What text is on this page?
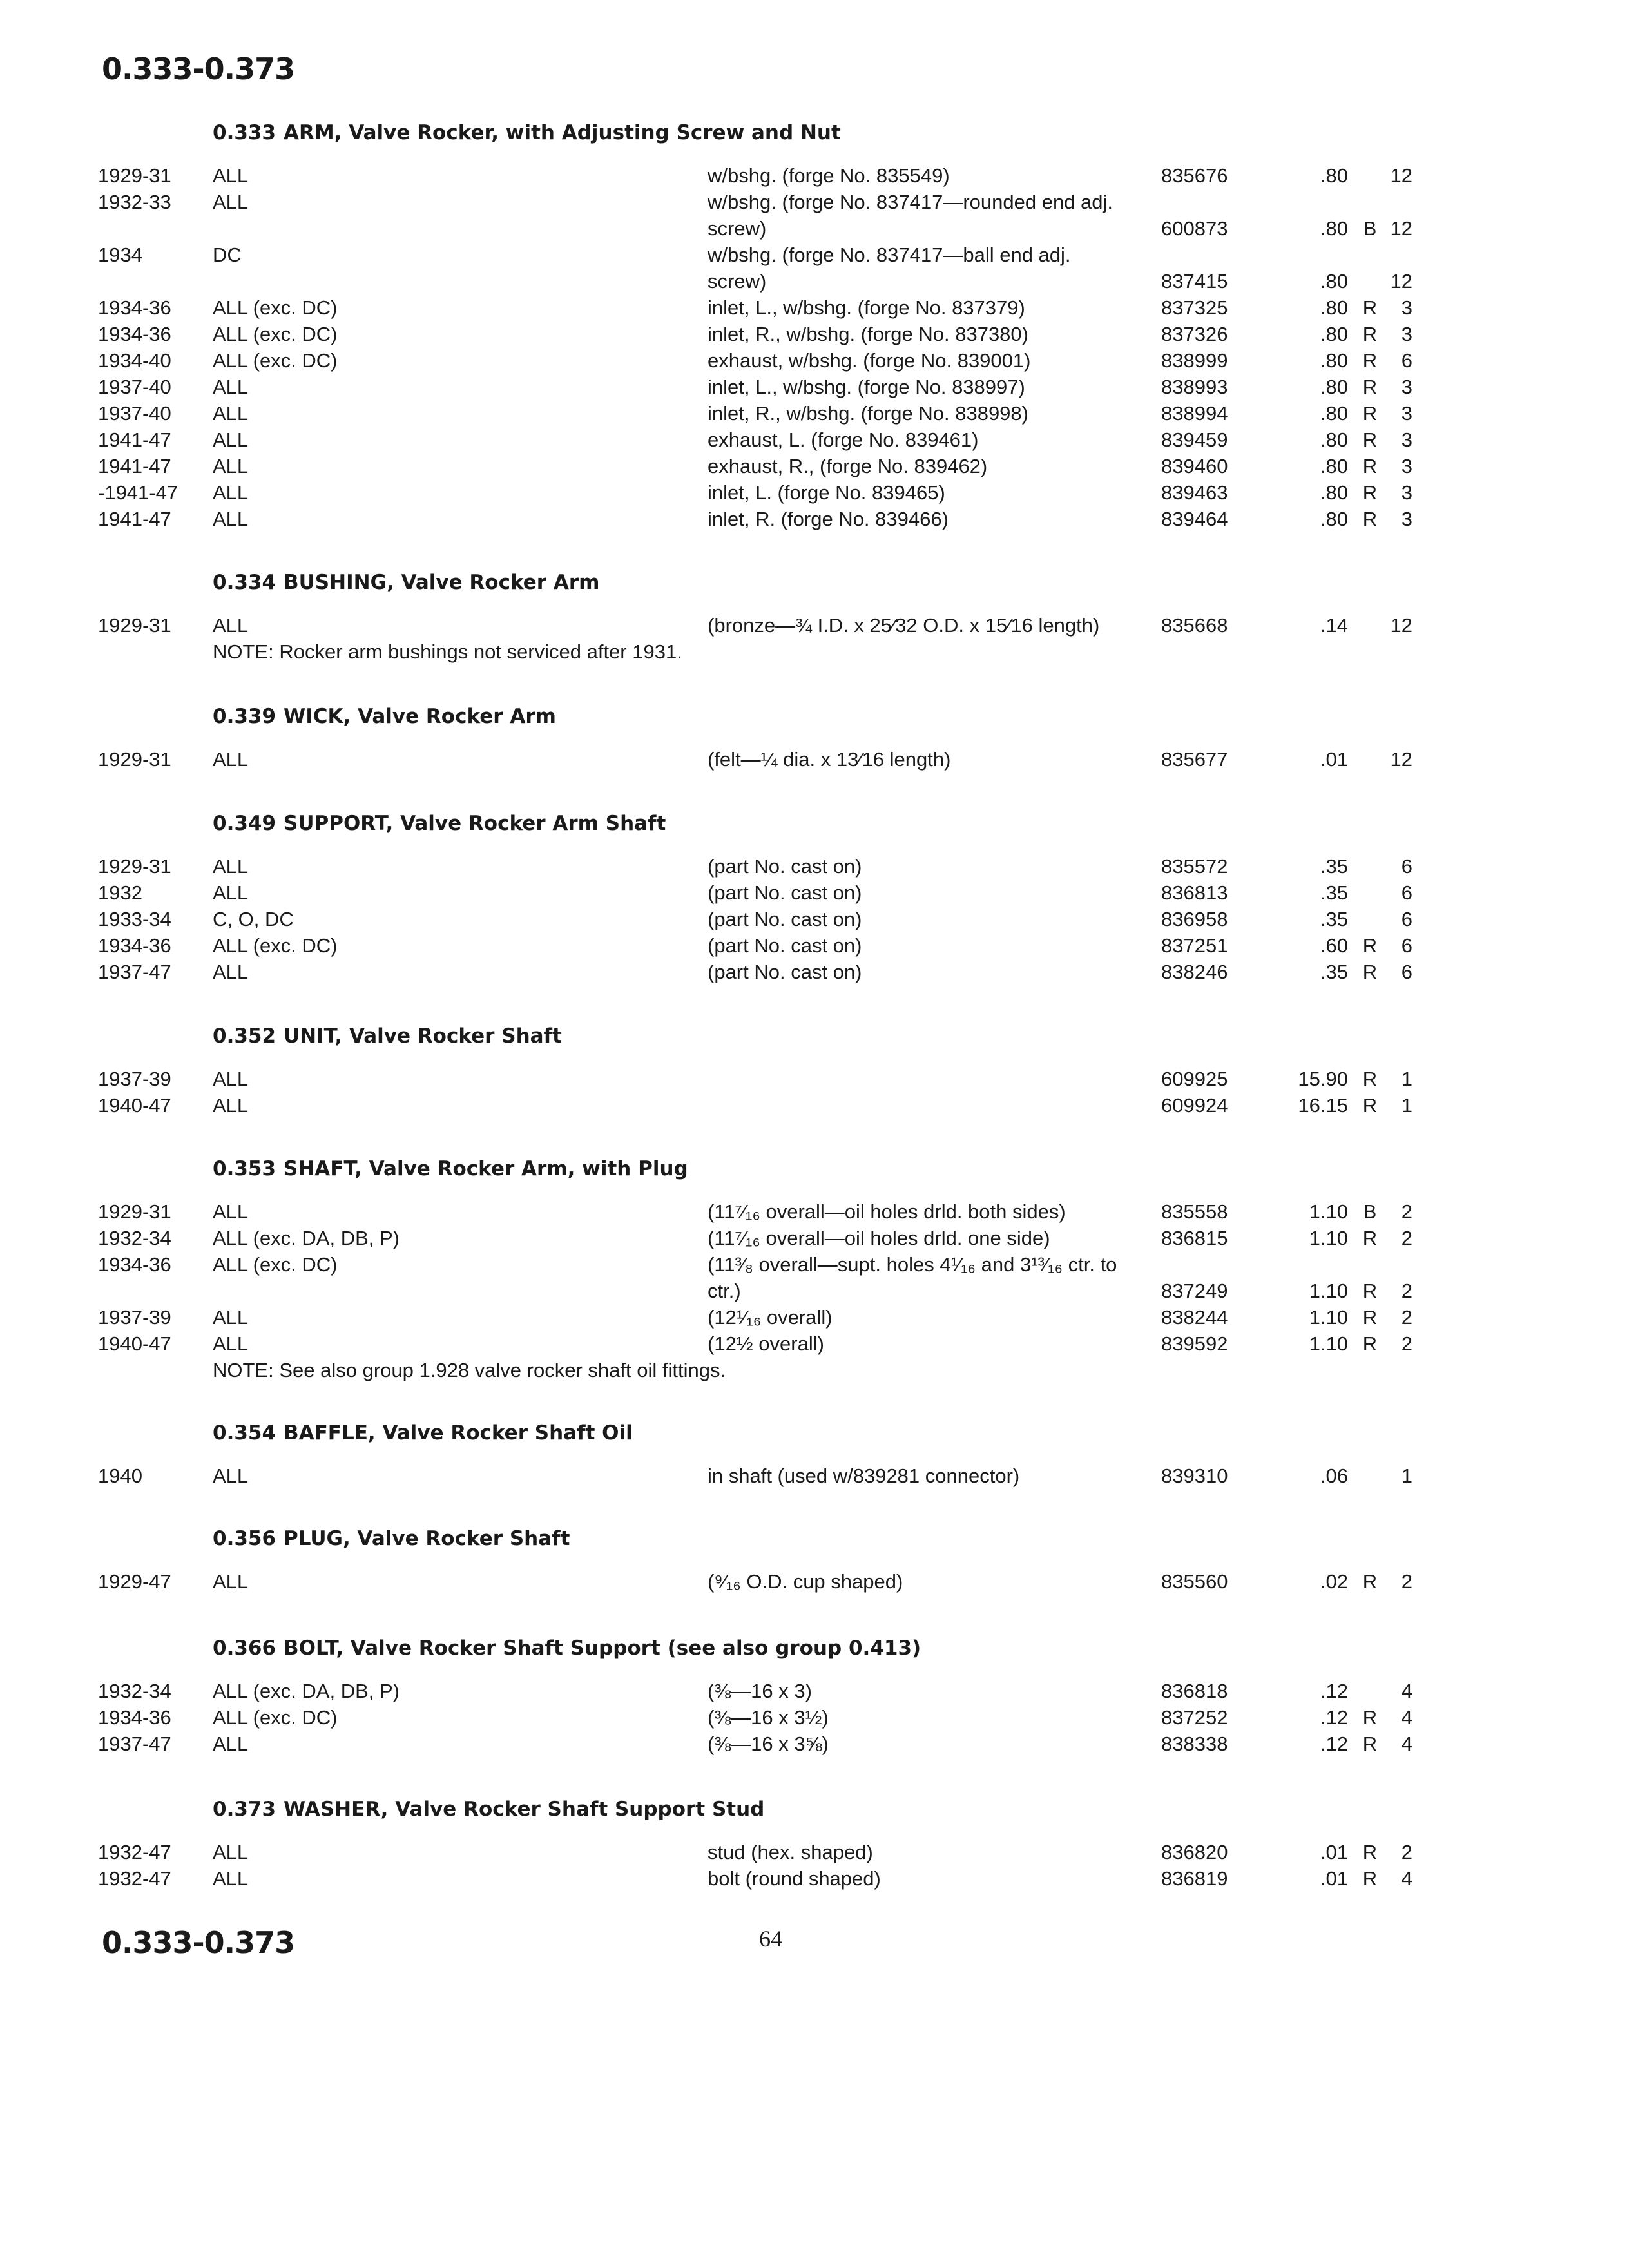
0.333-0.373
0.333 ARM, Valve Rocker, with Adjusting Screw and Nut
1929-31	ALL	w/bshg. (forge No. 835549)	835676	.80 12
1932-33	ALL	w/bshg. (forge No. 837417—rounded end adj. screw)	600873	.80 B 12
1934	DC	w/bshg. (forge No. 837417—ball end adj. screw)	837415	.80 12
1934-36	ALL (exc. DC)	inlet, L., w/bshg. (forge No. 837379)	837325	.80 R	3
1934-36	ALL (exc. DC)	inlet, R., w/bshg. (forge No. 837380)	837326	.80 R	3
1934-40	ALL (exc. DC)	exhaust, w/bshg. (forge No. 839001)	838999	.80 R	6
1937-40	ALL	inlet, L., w/bshg. (forge No. 838997)	838993	.80 R	3
1937-40	ALL	inlet, R., w/bshg. (forge No. 838998)	838994	.80 R	3
1941-47	ALL	exhaust, L. (forge No. 839461)	839459	.80 R	3
1941-47	ALL	exhaust, R., (forge No. 839462)	839460	.80 R	3
-1941-47	ALL	inlet, L. (forge No. 839465)	839463	.80 R	3
1941-47	ALL	inlet, R. (forge No. 839466)	839464	.80 R	3
0.334 BUSHING, Valve Rocker Arm
1929-31	ALL	(bronze—¾ I.D. x 25⁄32 O.D. x 15⁄16 length)	835668	.14 12
NOTE: Rocker arm bushings not serviced after 1931.
0.339 WICK, Valve Rocker Arm
1929-31	ALL	(felt—¼ dia. x 13⁄16 length)	835677	.01 12
0.349 SUPPORT, Valve Rocker Arm Shaft
1929-31	ALL	(part No. cast on)	835572	.35	6
1932	ALL	(part No. cast on)	836813	.35	6
1933-34	C, O, DC	(part No. cast on)	836958	.35	6
1934-36	ALL (exc. DC)	(part No. cast on)	837251	.60 R	6
1937-47	ALL	(part No. cast on)	838246	.35 R	6
0.352 UNIT, Valve Rocker Shaft
1937-39	ALL	609925	15.90 R	1
1940-47	ALL	609924	16.15 R	1
0.353 SHAFT, Valve Rocker Arm, with Plug
1929-31	ALL	(11⁷⁄₁₆ overall—oil holes drld. both sides)	835558	1.10 B	2
1932-34	ALL (exc. DA, DB, P)	(11⁷⁄₁₆ overall—oil holes drld. one side)	836815	1.10 R	2
1934-36	ALL (exc. DC)	(11³⁄₈ overall—supt. holes 4¹⁄₁₆ and 3¹³⁄₁₆ ctr. to ctr.)	837249	1.10 R	2
1937-39	ALL	(12¹⁄₁₆ overall)	838244	1.10 R	2
1940-47	ALL	(12½ overall)	839592	1.10 R	2
NOTE: See also group 1.928 valve rocker shaft oil fittings.
0.354 BAFFLE, Valve Rocker Shaft Oil
1940	ALL	in shaft (used w/839281 connector)	839310	.06	1
0.356 PLUG, Valve Rocker Shaft
1929-47	ALL	(⁹⁄₁₆ O.D. cup shaped)	835560	.02 R	2
0.366 BOLT, Valve Rocker Shaft Support (see also group 0.413)
1932-34	ALL (exc. DA, DB, P)	(⅜—16 x 3)	836818	.12	4
1934-36	ALL (exc. DC)	(⅜—16 x 3½)	837252	.12 R	4
1937-47	ALL	(⅜—16 x 3⅝)	838338	.12 R	4
0.373 WASHER, Valve Rocker Shaft Support Stud
1932-47	ALL	stud (hex. shaped)	836820	.01 R	2
1932-47	ALL	bolt (round shaped)	836819	.01 R	4
0.333-0.373	64
